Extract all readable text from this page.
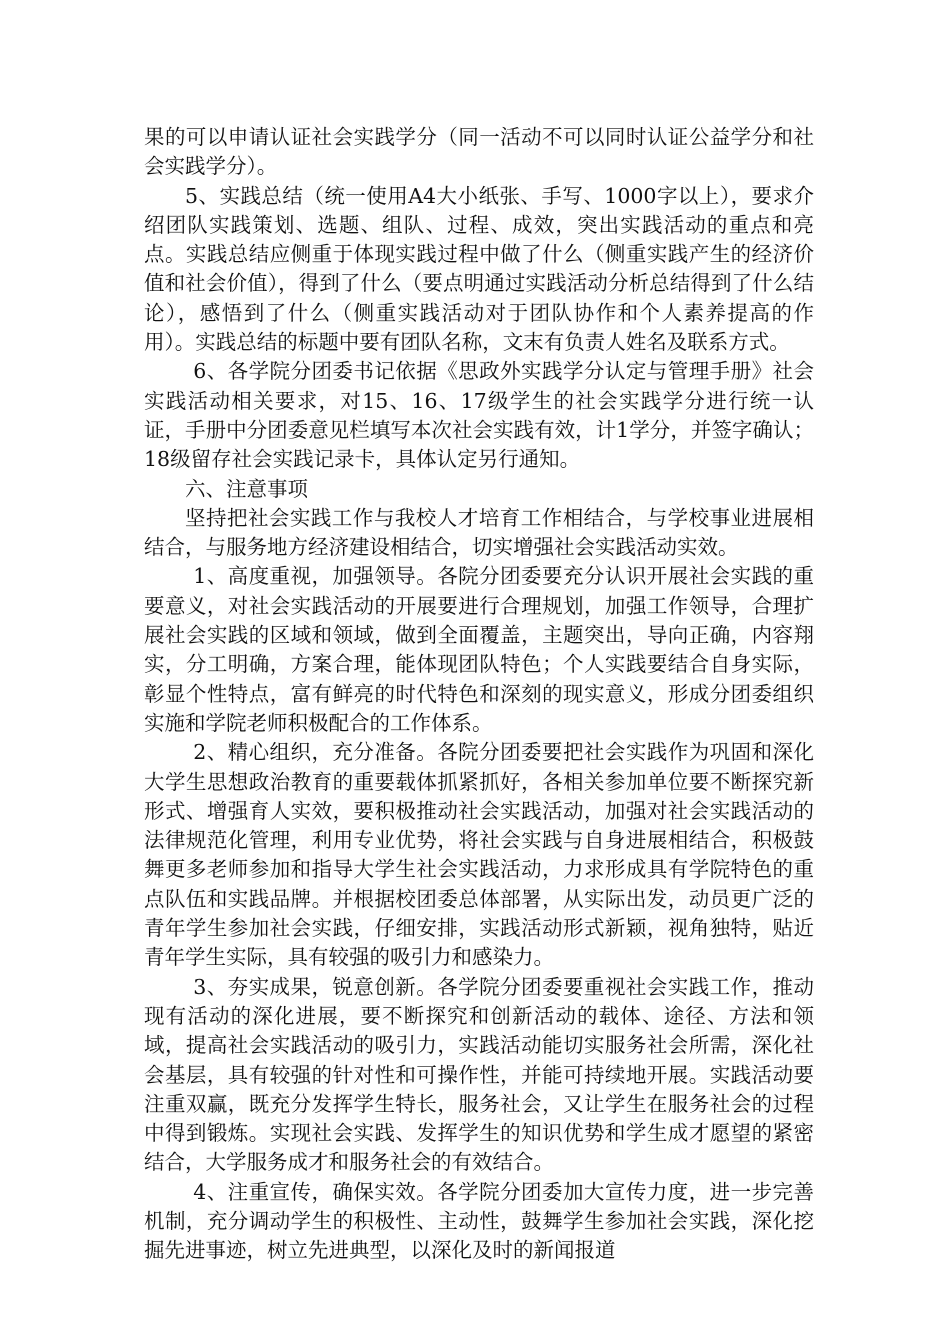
果的可以申请认证社会实践学分（同一活动不可以同时认证公益学分和社会实践学分）。

5、实践总结（统一使用A4大小纸张、手写、1000字以上），要求介绍团队实践策划、选题、组队、过程、成效，突出实践活动的重点和亮点。实践总结应侧重于体现实践过程中做了什么（侧重实践产生的经济价值和社会价值），得到了什么（要点明通过实践活动分析总结得到了什么结论），感悟到了什么（侧重实践活动对于团队协作和个人素养提高的作用）。实践总结的标题中要有团队名称，文末有负责人姓名及联系方式。

6、各学院分团委书记依据《思政外实践学分认定与管理手册》社会实践活动相关要求，对15、16、17级学生的社会实践学分进行统一认证，手册中分团委意见栏填写本次社会实践有效，计1学分，并签字确认；18级留存社会实践记录卡，具体认定另行通知。

六、注意事项

坚持把社会实践工作与我校人才培育工作相结合，与学校事业进展相结合，与服务地方经济建设相结合，切实增强社会实践活动实效。

1、高度重视，加强领导。各院分团委要充分认识开展社会实践的重要意义，对社会实践活动的开展要进行合理规划，加强工作领导，合理扩展社会实践的区域和领域，做到全面覆盖，主题突出，导向正确，内容翔实，分工明确，方案合理，能体现团队特色；个人实践要结合自身实际，彰显个性特点，富有鲜亮的时代特色和深刻的现实意义，形成分团委组织实施和学院老师积极配合的工作体系。

2、精心组织，充分准备。各院分团委要把社会实践作为巩固和深化大学生思想政治教育的重要载体抓紧抓好，各相关参加单位要不断探究新形式、增强育人实效，要积极推动社会实践活动，加强对社会实践活动的法律规范化管理，利用专业优势，将社会实践与自身进展相结合，积极鼓舞更多老师参加和指导大学生社会实践活动，力求形成具有学院特色的重点队伍和实践品牌。并根据校团委总体部署，从实际出发，动员更广泛的青年学生参加社会实践，仔细安排，实践活动形式新颖，视角独特，贴近青年学生实际，具有较强的吸引力和感染力。

3、夯实成果，锐意创新。各学院分团委要重视社会实践工作，推动现有活动的深化进展，要不断探究和创新活动的载体、途径、方法和领域，提高社会实践活动的吸引力，实践活动能切实服务社会所需，深化社会基层，具有较强的针对性和可操作性，并能可持续地开展。实践活动要注重双赢，既充分发挥学生特长，服务社会，又让学生在服务社会的过程中得到锻炼。实现社会实践、发挥学生的知识优势和学生成才愿望的紧密结合，大学服务成才和服务社会的有效结合。

4、注重宣传，确保实效。各学院分团委加大宣传力度，进一步完善机制，充分调动学生的积极性、主动性，鼓舞学生参加社会实践，深化挖掘先进事迹，树立先进典型，以深化及时的新闻报道
